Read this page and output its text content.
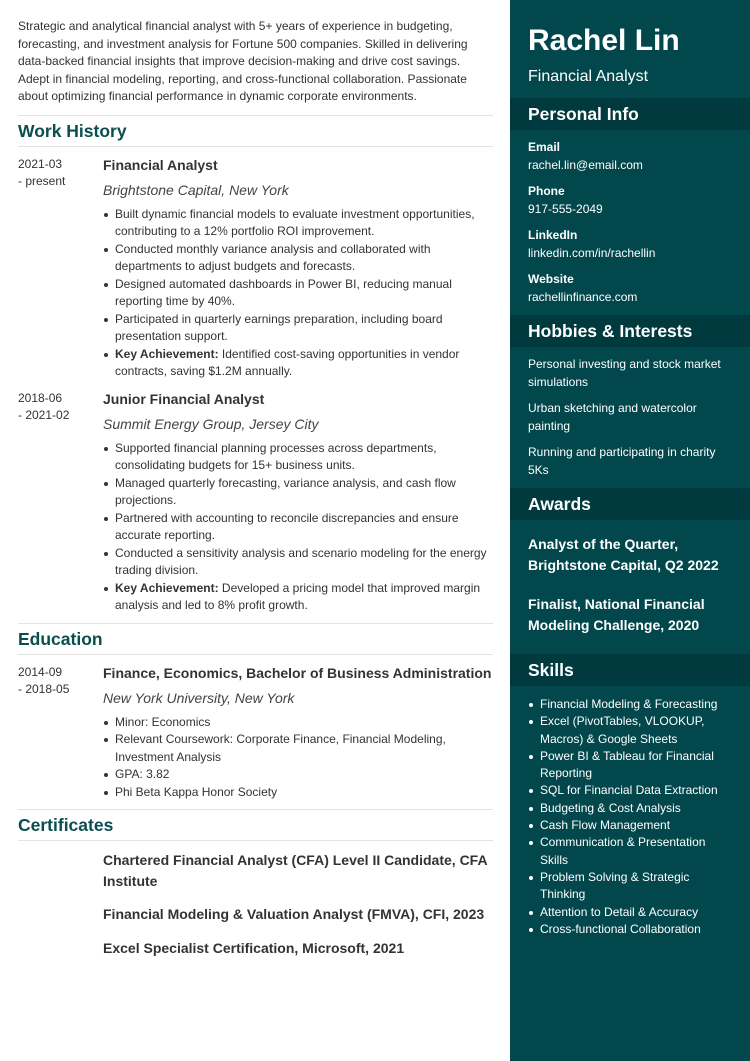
Strategic and analytical financial analyst with 5+ years of experience in budgeting, forecasting, and investment analysis for Fortune 500 companies. Skilled in delivering data-backed financial insights that improve decision-making and drive cost savings. Adept in financial modeling, reporting, and cross-functional collaboration. Passionate about optimizing financial performance in dynamic corporate environments.

Work History
2021-03
- present
Financial Analyst
Brightstone Capital, New York
Built dynamic financial models to evaluate investment opportunities, contributing to a 12% portfolio ROI improvement.
Conducted monthly variance analysis and collaborated with departments to adjust budgets and forecasts.
Designed automated dashboards in Power BI, reducing manual reporting time by 40%.
Participated in quarterly earnings preparation, including board presentation support.
Key Achievement: Identified cost-saving opportunities in vendor contracts, saving $1.2M annually.
2018-06
- 2021-02
Junior Financial Analyst
Summit Energy Group, Jersey City
Supported financial planning processes across departments, consolidating budgets for 15+ business units.
Managed quarterly forecasting, variance analysis, and cash flow projections.
Partnered with accounting to reconcile discrepancies and ensure accurate reporting.
Conducted a sensitivity analysis and scenario modeling for the energy trading division.
Key Achievement: Developed a pricing model that improved margin analysis and led to 8% profit growth.
Education
2014-09
- 2018-05
Finance, Economics, Bachelor of Business Administration
New York University, New York
Minor: Economics
Relevant Coursework: Corporate Finance, Financial Modeling, Investment Analysis
GPA: 3.82
Phi Beta Kappa Honor Society
Certificates
Chartered Financial Analyst (CFA) Level II Candidate, CFA Institute
Financial Modeling & Valuation Analyst (FMVA), CFI, 2023
Excel Specialist Certification, Microsoft, 2021
Rachel Lin
Financial Analyst
Personal Info
Email
rachel.lin@email.com
Phone
917-555-2049
LinkedIn
linkedin.com/in/rachellin
Website
rachellinfinance.com
Hobbies & Interests
Personal investing and stock market simulations
Urban sketching and watercolor painting
Running and participating in charity 5Ks
Awards
Analyst of the Quarter, Brightstone Capital, Q2 2022
Finalist, National Financial Modeling Challenge, 2020
Skills
Financial Modeling & Forecasting
Excel (PivotTables, VLOOKUP, Macros) & Google Sheets
Power BI & Tableau for Financial Reporting
SQL for Financial Data Extraction
Budgeting & Cost Analysis
Cash Flow Management
Communication & Presentation Skills
Problem Solving & Strategic Thinking
Attention to Detail & Accuracy
Cross-functional Collaboration
